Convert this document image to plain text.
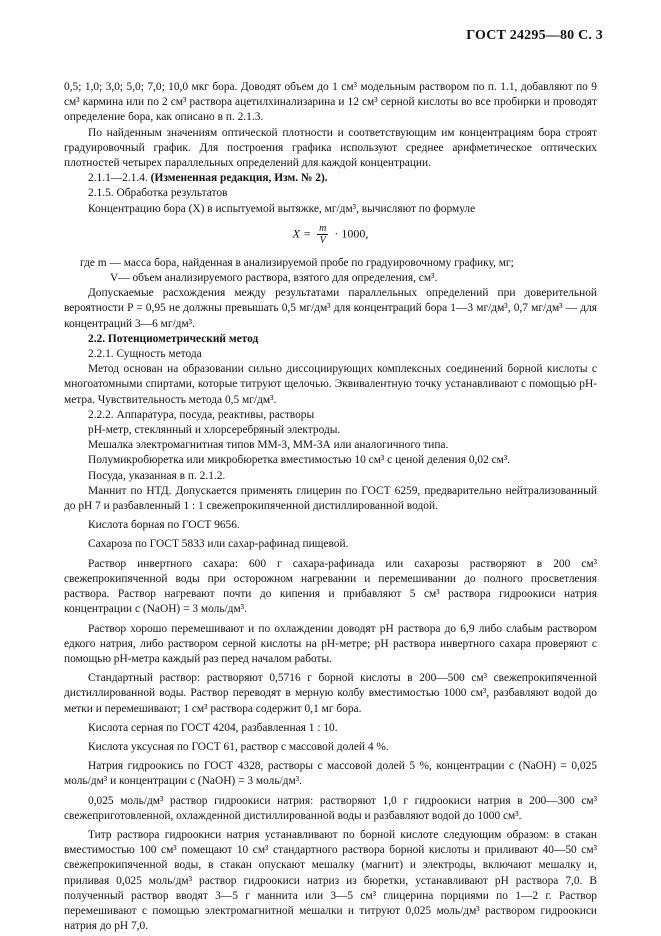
ГОСТ 24295—80 С. 3

0,5; 1,0; 3,0; 5,0; 7,0; 10,0 мкг бора. Доводят объем до 1 см³ модельным раствором по п. 1.1, добавляют по 9 см³ кармина или по 2 см³ раствора ацетилхинализарина и 12 см³ серной кислоты во все пробирки и проводят определение бора, как описано в п. 2.1.3.

По найденным значениям оптической плотности и соответствующим им концентрациям бора строят градуировочный график. Для построения графика используют среднее арифметическое оптических плотностей четырех параллельных определений для каждой концентрации.

2.1.1—2.1.4. (Измененная редакция, Изм. № 2).

2.1.5. Обработка результатов

Концентрацию бора (X) в испытуемой вытяжке, мг/дм³, вычисляют по формуле

$X = \frac{m}{V} \cdot 1000$,

где m — масса бора, найденная в анализируемой пробе по градуировочному графику, мг;

V— объем анализируемого раствора, взятого для определения, см³.

Допускаемые расхождения между результатами параллельных определений при доверительной вероятности P = 0,95 не должны превышать 0,5 мг/дм³ для концентраций бора 1—3 мг/дм³, 0,7 мг/дм³ — для концентраций 3—6 мг/дм³.

2.2. Потенциометрический метод

2.2.1. Сущность метода

Метод основан на образовании сильно диссоциирующих комплексных соединений борной кислоты с многоатомными спиртами, которые титруют щелочью. Эквивалентную точку устанавливают с помощью рН-метра. Чувствительность метода 0,5 мг/дм³.

2.2.2. Аппаратура, посуда, реактивы, растворы

рН-метр, стеклянный и хлорсеребряный электроды.

Мешалка электромагнитная типов ММ-3, ММ-3А или аналогичного типа.

Полумикробюретка или микробюретка вместимостью 10 см³ с ценой деления 0,02 см³.

Посуда, указанная в п. 2.1.2.

Маннит по НТД. Допускается применять глицерин по ГОСТ 6259, предварительно нейтрализованный до рН 7 и разбавленный 1 : 1 свежепрокипяченной дистиллированной водой.

Кислота борная по ГОСТ 9656.

Сахароза по ГОСТ 5833 или сахар-рафинад пищевой.

Раствор инвертного сахара: 600 г сахара-рафинада или сахарозы растворяют в 200 см³ свежепрокипяченной воды при осторожном нагревании и перемешивании до полного просветления раствора. Раствор нагревают почти до кипения и прибавляют 5 см³ раствора гидроокиси натрия концентрации c (NaOH) = 3 моль/дм³.

Раствор хорошо перемешивают и по охлаждении доводят рН раствора до 6,9 либо слабым раствором едкого натрия, либо раствором серной кислоты на рН-метре; рН раствора инвертного сахара проверяют с помощью рН-метра каждый раз перед началом работы.

Стандартный раствор: растворяют 0,5716 г борной кислоты в 200—500 см³ свежепрокипяченной дистиллированной воды. Раствор переводят в мерную колбу вместимостью 1000 см³, разбавляют водой до метки и перемешивают; 1 см³ раствора содержит 0,1 мг бора.

Кислота серная по ГОСТ 4204, разбавленная 1 : 10.

Кислота уксусная по ГОСТ 61, раствор с массовой долей 4 %.

Натрия гидроокись по ГОСТ 4328, растворы с массовой долей 5 %, концентрации c (NaOH) = 0,025 моль/дм³ и концентрации c (NaOH) = 3 моль/дм³.

0,025 моль/дм³ раствор гидроокиси натрия: растворяют 1,0 г гидроокиси натрия в 200—300 см³ свежеприготовленной, охлажденной дистиллированной воды и разбавляют водой до 1000 см³.

Титр раствора гидроокиси натрия устанавливают по борной кислоте следующим образом: в стакан вместимостью 100 см³ помещают 10 см³ стандартного раствора борной кислоты и приливают 40—50 см³ свежепрокипяченной воды, в стакан опускают мешалку (магнит) и электроды, включают мешалку и, приливая 0,025 моль/дм³ раствор гидроокиси натриз из бюретки, устанавливают рН раствора 7,0. В полученный раствор вводят 3—5 г маннита или 3—5 см³ глицерина порциями по 1—2 г. Раствор перемешивают с помощью электромагнитной мешалки и титруют 0,025 моль/дм³ раствором гидроокиси натрия до рН 7,0.
